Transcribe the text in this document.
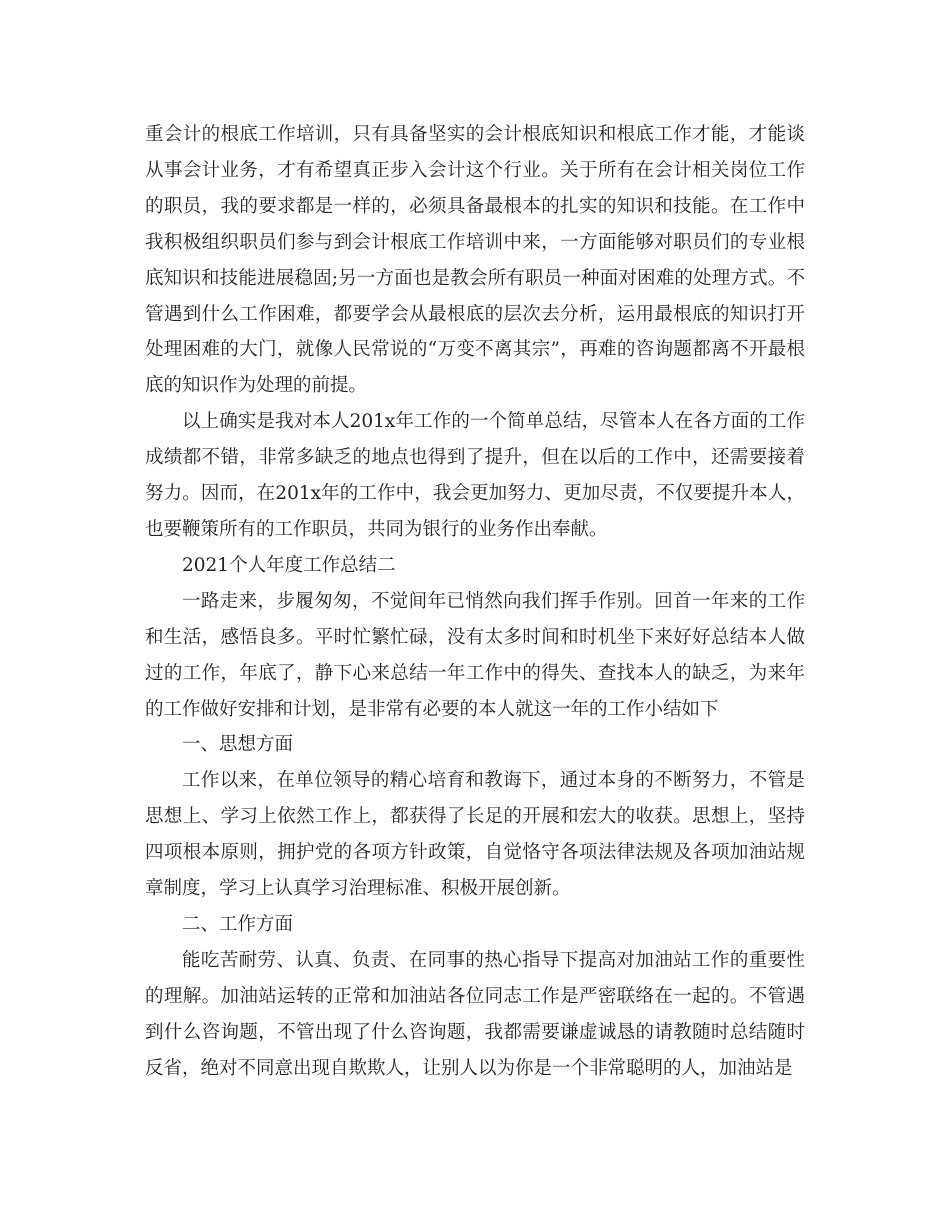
重会计的根底工作培训，只有具备坚实的会计根底知识和根底工作才能，才能谈从事会计业务，才有希望真正步入会计这个行业。关于所有在会计相关岗位工作的职员，我的要求都是一样的，必须具备最根本的扎实的知识和技能。在工作中我积极组织职员们参与到会计根底工作培训中来，一方面能够对职员们的专业根底知识和技能进展稳固;另一方面也是教会所有职员一种面对困难的处理方式。不管遇到什么工作困难，都要学会从最根底的层次去分析，运用最根底的知识打开处理困难的大门，就像人民常说的“万变不离其宗”，再难的咨询题都离不开最根底的知识作为处理的前提。

以上确实是我对本人201x年工作的一个简单总结，尽管本人在各方面的工作成绩都不错，非常多缺乏的地点也得到了提升，但在以后的工作中，还需要接着努力。因而，在201x年的工作中，我会更加努力、更加尽责，不仅要提升本人，也要鞭策所有的工作职员，共同为银行的业务作出奉献。

2021个人年度工作总结二

一路走来，步履匆匆，不觉间年已悄然向我们挥手作别。回首一年来的工作和生活，感悟良多。平时忙繁忙碌，没有太多时间和时机坐下来好好总结本人做过的工作，年底了，静下心来总结一年工作中的得失、查找本人的缺乏，为来年的工作做好安排和计划，是非常有必要的本人就这一年的工作小结如下

一、思想方面

工作以来，在单位领导的精心培育和教诲下，通过本身的不断努力，不管是思想上、学习上依然工作上，都获得了长足的开展和宏大的收获。思想上，坚持四项根本原则，拥护党的各项方针政策，自觉恪守各项法律法规及各项加油站规章制度，学习上认真学习治理标准、积极开展创新。

二、工作方面

能吃苦耐劳、认真、负责、在同事的热心指导下提高对加油站工作的重要性的理解。加油站运转的正常和加油站各位同志工作是严密联络在一起的。不管遇到什么咨询题，不管出现了什么咨询题，我都需要谦虚诚恳的请教随时总结随时反省，绝对不同意出现自欺欺人，让别人以为你是一个非常聪明的人，加油站是
